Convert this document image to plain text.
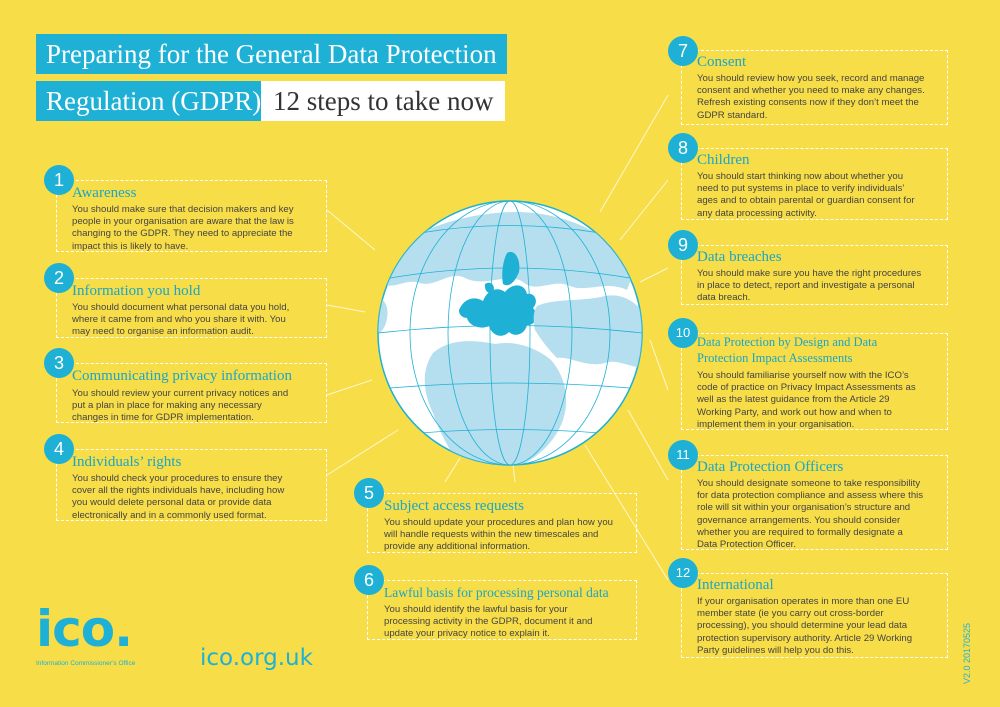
Preparing for the General Data Protection
Regulation (GDPR) 12 steps to take now
1
Awareness
You should make sure that decision makers and key
people in your organisation are aware that the law is
changing to the GDPR. They need to appreciate the
impact this is likely to have.
2
Information you hold
You should document what personal data you hold,
where it came from and who you share it with. You
may need to organise an information audit.
3
Communicating privacy information
You should review your current privacy notices and
put a plan in place for making any necessary
changes in time for GDPR implementation.
4
Individuals’ rights
You should check your procedures to ensure they
cover all the rights individuals have, including how
you would delete personal data or provide data
electronically and in a commonly used format.
5
Subject access requests
You should update your procedures and plan how you
will handle requests within the new timescales and
provide any additional information.
6
Lawful basis for processing personal data
You should identify the lawful basis for your
processing activity in the GDPR, document it and
update your privacy notice to explain it.
7
Consent
You should review how you seek, record and manage
consent and whether you need to make any changes.
Refresh existing consents now if they don’t meet the
GDPR standard.
8
Children
You should start thinking now about whether you
need to put systems in place to verify individuals’
ages and to obtain parental or guardian consent for
any data processing activity.
9
Data breaches
You should make sure you have the right procedures
in place to detect, report and investigate a personal
data breach.
10
Data Protection by Design and Data
Protection Impact Assessments
You should familiarise yourself now with the ICO’s
code of practice on Privacy Impact Assessments as
well as the latest guidance from the Article 29
Working Party, and work out how and when to
implement them in your organisation.
11
Data Protection Officers
You should designate someone to take responsibility
for data protection compliance and assess where this
role will sit within your organisation’s structure and
governance arrangements. You should consider
whether you are required to formally designate a
Data Protection Officer.
12
International
If your organisation operates in more than one EU
member state (ie you carry out cross-border
processing), you should determine your lead data
protection supervisory authority. Article 29 Working
Party guidelines will help you do this.
ico.
Information Commissioner’s Office	ico.org.uk	V2.0 20170525
